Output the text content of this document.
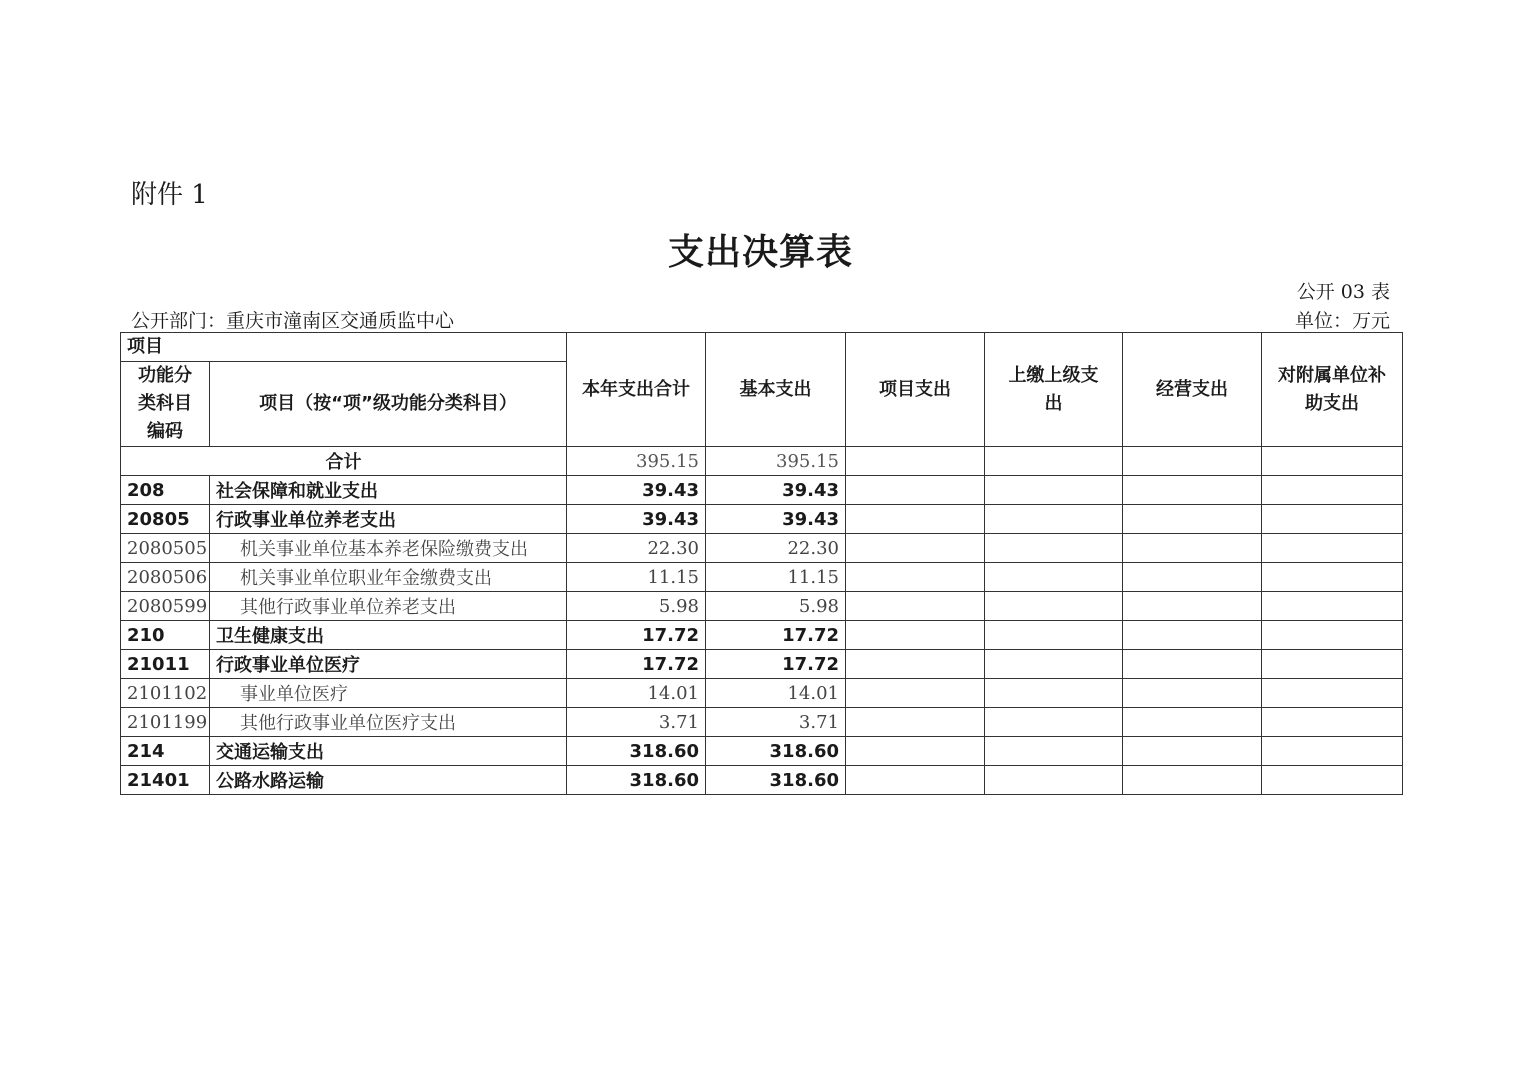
附件 1
支出决算表
公开 03 表
公开部门：重庆市潼南区交通质监中心	单位：万元
项目		本年支出合计	基本支出	项目支出	上缴上级支出	经营支出	对附属单位补助支出
功能分类科目编码	项目（按“项”级功能分类科目）						
合计		395.15	395.15				
208	社会保障和就业支出	39.43	39.43				
20805	行政事业单位养老支出	39.43	39.43				
2080505	机关事业单位基本养老保险缴费支出	22.30	22.30				
2080506	机关事业单位职业年金缴费支出	11.15	11.15				
2080599	其他行政事业单位养老支出	5.98	5.98				
210	卫生健康支出	17.72	17.72				
21011	行政事业单位医疗	17.72	17.72				
2101102	事业单位医疗	14.01	14.01				
2101199	其他行政事业单位医疗支出	3.71	3.71				
214	交通运输支出	318.60	318.60				
21401	公路水路运输	318.60	318.60				
